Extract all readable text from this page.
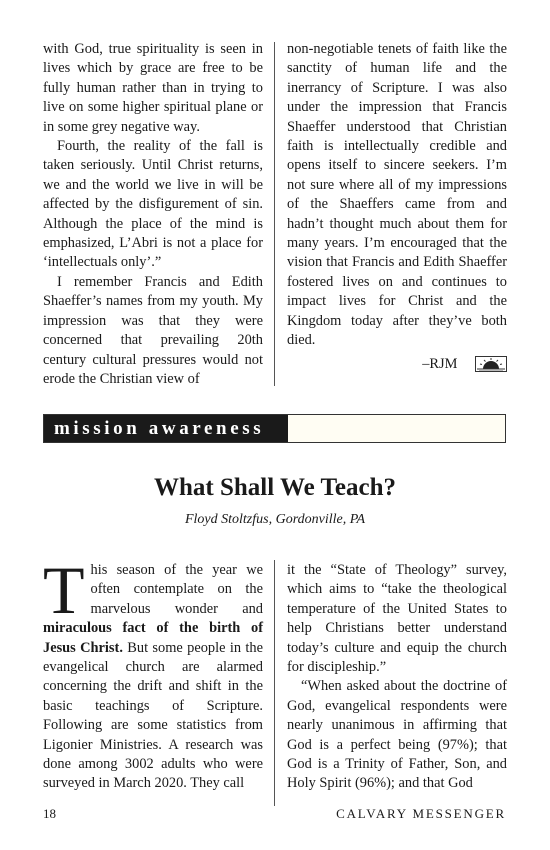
with God, true spirituality is seen in lives which by grace are free to be fully human rather than in trying to live on some higher spiritual plane or in some grey negative way.

Fourth, the reality of the fall is taken seriously. Until Christ returns, we and the world we live in will be affected by the disfigurement of sin. Although the place of the mind is emphasized, L’Abri is not a place for ‘intellectuals only’.”

I remember Francis and Edith Shaeffer’s names from my youth. My impression was that they were concerned that prevailing 20th century cultural pressures would not erode the Christian view of

non-negotiable tenets of faith like the sanctity of human life and the inerrancy of Scripture. I was also under the impression that Francis Shaeffer understood that Christian faith is intellectually credible and opens itself to sincere seekers. I’m not sure where all of my impressions of the Shaeffers came from and hadn’t thought much about them for many years. I’m encouraged that the vision that Francis and Edith Shaeffer fostered lives on and continues to impact lives for Christ and the Kingdom today after they’ve both died.

–RJM
mission awareness
What Shall We Teach?
Floyd Stoltzfus, Gordonville, PA

This season of the year we often contemplate on the marvelous wonder and miraculous fact of the birth of Jesus Christ. But some people in the evangelical church are alarmed concerning the drift and shift in the basic teachings of Scripture. Following are some statistics from Ligonier Ministries. A research was done among 3002 adults who were surveyed in March 2020. They call

it the “State of Theology” survey, which aims to “take the theological temperature of the United States to help Christians better understand today’s culture and equip the church for discipleship.”

“When asked about the doctrine of God, evangelical respondents were nearly unanimous in affirming that God is a perfect being (97%); that God is a Trinity of Father, Son, and Holy Spirit (96%); and that God

18	CALVARY MESSENGER
